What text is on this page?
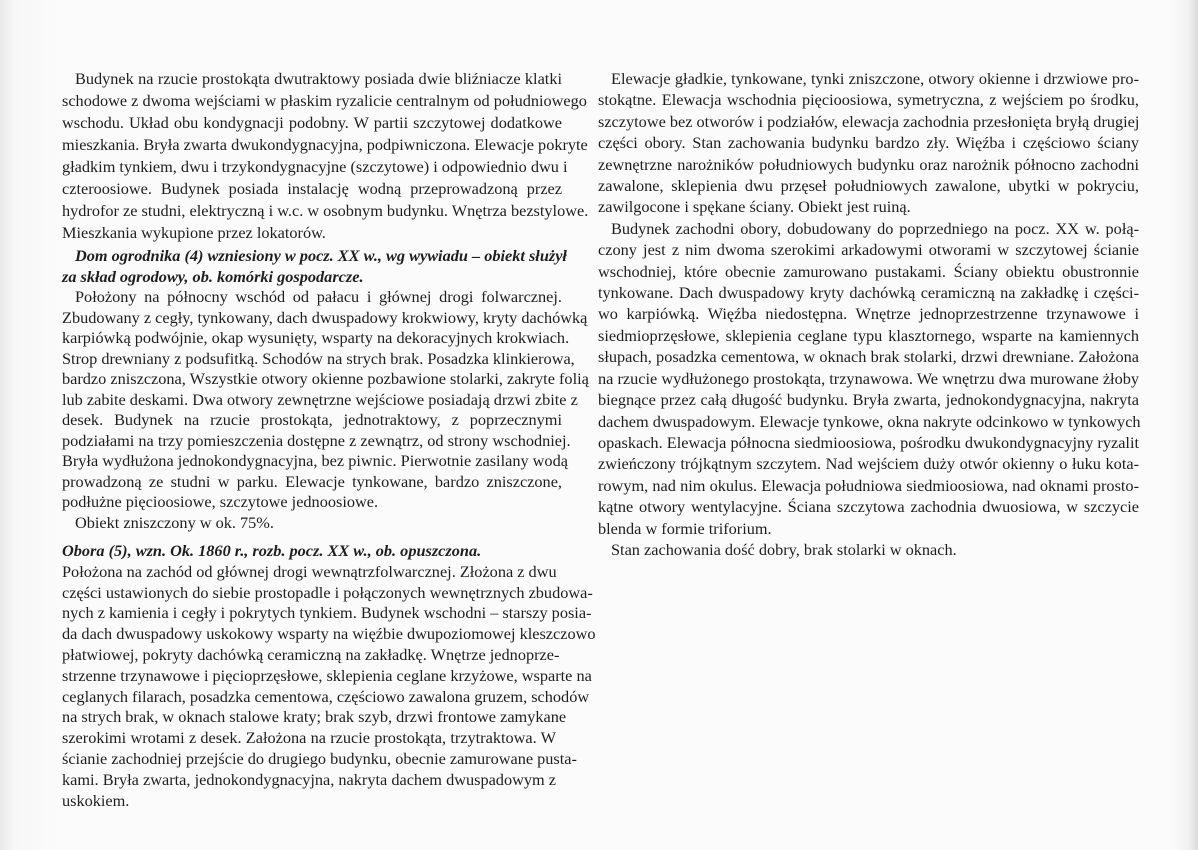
Budynek na rzucie prostokąta dwutraktowy posiada dwie bliźniacze klatki
schodowe z dwoma wejściami w płaskim ryzalicie centralnym od południowego
wschodu. Układ obu kondygnacji podobny. W partii szczytowej dodatkowe
mieszkania. Bryła zwarta dwukondygnacyjna, podpiwniczona. Elewacje pokryte
gładkim tynkiem, dwu i trzykondygnacyjne (szczytowe) i odpowiednio dwu i
czteroosiowe. Budynek posiada instalację wodną przeprowadzoną przez
hydrofor ze studni, elektryczną i w.c. w osobnym budynku. Wnętrza bezstylowe.
Mieszkania wykupione przez lokatorów.
Dom ogrodnika (4) wzniesiony w pocz. XX w., wg wywiadu – obiekt służył
za skład ogrodowy, ob. komórki gospodarcze.
Położony na północny wschód od pałacu i głównej drogi folwarcznej.
Zbudowany z cegły, tynkowany, dach dwuspadowy krokwiowy, kryty dachówką
karpiówką podwójnie, okap wysunięty, wsparty na dekoracyjnych krokwiach.
Strop drewniany z podsufitką. Schodów na strych brak. Posadzka klinkierowa,
bardzo zniszczona, Wszystkie otwory okienne pozbawione stolarki, zakryte folią
lub zabite deskami. Dwa otwory zewnętrzne wejściowe posiadają drzwi zbite z
desek. Budynek na rzucie prostokąta, jednotraktowy, z poprzecznymi
podziałami na trzy pomieszczenia dostępne z zewnątrz, od strony wschodniej.
Bryła wydłużona jednokondygnacyjna, bez piwnic. Pierwotnie zasilany wodą
prowadzoną ze studni w parku. Elewacje tynkowane, bardzo zniszczone,
podłużne pięcioosiowe, szczytowe jednoosiowe.
Obiekt zniszczony w ok. 75%.
Obora (5), wzn. Ok. 1860 r., rozb. pocz. XX w., ob. opuszczona.
Położona na zachód od głównej drogi wewnątrzfolwarcznej. Złożona z dwu
części ustawionych do siebie prostopadle i połączonych wewnętrznych zbudowa-
nych z kamienia i cegły i pokrytych tynkiem. Budynek wschodni – starszy posia-
da dach dwuspadowy uskokowy wsparty na więźbie dwupoziomowej kleszczowo
płatwiowej, pokryty dachówką ceramiczną na zakładkę. Wnętrze jednoprze-
strzenne trzynawowe i pięcioprzęsłowe, sklepienia ceglane krzyżowe, wsparte na
ceglanych filarach, posadzka cementowa, częściowo zawalona gruzem, schodów
na strych brak, w oknach stalowe kraty; brak szyb, drzwi frontowe zamykane
szerokimi wrotami z desek. Założona na rzucie prostokąta, trzytraktowa. W
ścianie zachodniej przejście do drugiego budynku, obecnie zamurowane pusta-
kami. Bryła zwarta, jednokondygnacyjna, nakryta dachem dwuspadowym z
uskokiem.
Elewacje gładkie, tynkowane, tynki zniszczone, otwory okienne i drzwiowe pro-
stokątne. Elewacja wschodnia pięcioosiowa, symetryczna, z wejściem po środku,
szczytowe bez otworów i podziałów, elewacja zachodnia przesłonięta bryłą drugiej
części obory. Stan zachowania budynku bardzo zły. Więźba i częściowo ściany
zewnętrzne narożników południowych budynku oraz narożnik północno zachodni
zawalone, sklepienia dwu przęseł południowych zawalone, ubytki w pokryciu,
zawilgocone i spękane ściany. Obiekt jest ruiną.
Budynek zachodni obory, dobudowany do poprzedniego na pocz. XX w. połą-
czony jest z nim dwoma szerokimi arkadowymi otworami w szczytowej ścianie
wschodniej, które obecnie zamurowano pustakami. Ściany obiektu obustronnie
tynkowane. Dach dwuspadowy kryty dachówką ceramiczną na zakładkę i części-
wo karpiówką. Więźba niedostępna. Wnętrze jednoprzestrzenne trzynawowe i
siedmioprzęsłowe, sklepienia ceglane typu klasztornego, wsparte na kamiennych
słupach, posadzka cementowa, w oknach brak stolarki, drzwi drewniane. Założona
na rzucie wydłużonego prostokąta, trzynawowa. We wnętrzu dwa murowane żłoby
biegnące przez całą długość budynku. Bryła zwarta, jednokondygnacyjna, nakryta
dachem dwuspadowym. Elewacje tynkowe, okna nakryte odcinkowo w tynkowych
opaskach. Elewacja północna siedmioosiowa, pośrodku dwukondygnacyjny ryzalit
zwieńczony trójkątnym szczytem. Nad wejściem duży otwór okienny o łuku kota-
rowym, nad nim okulus. Elewacja południowa siedmioosiowa, nad oknami prosto-
kątne otwory wentylacyjne. Ściana szczytowa zachodnia dwuosiowa, w szczycie
blenda w formie triforium.
Stan zachowania dość dobry, brak stolarki w oknach.
